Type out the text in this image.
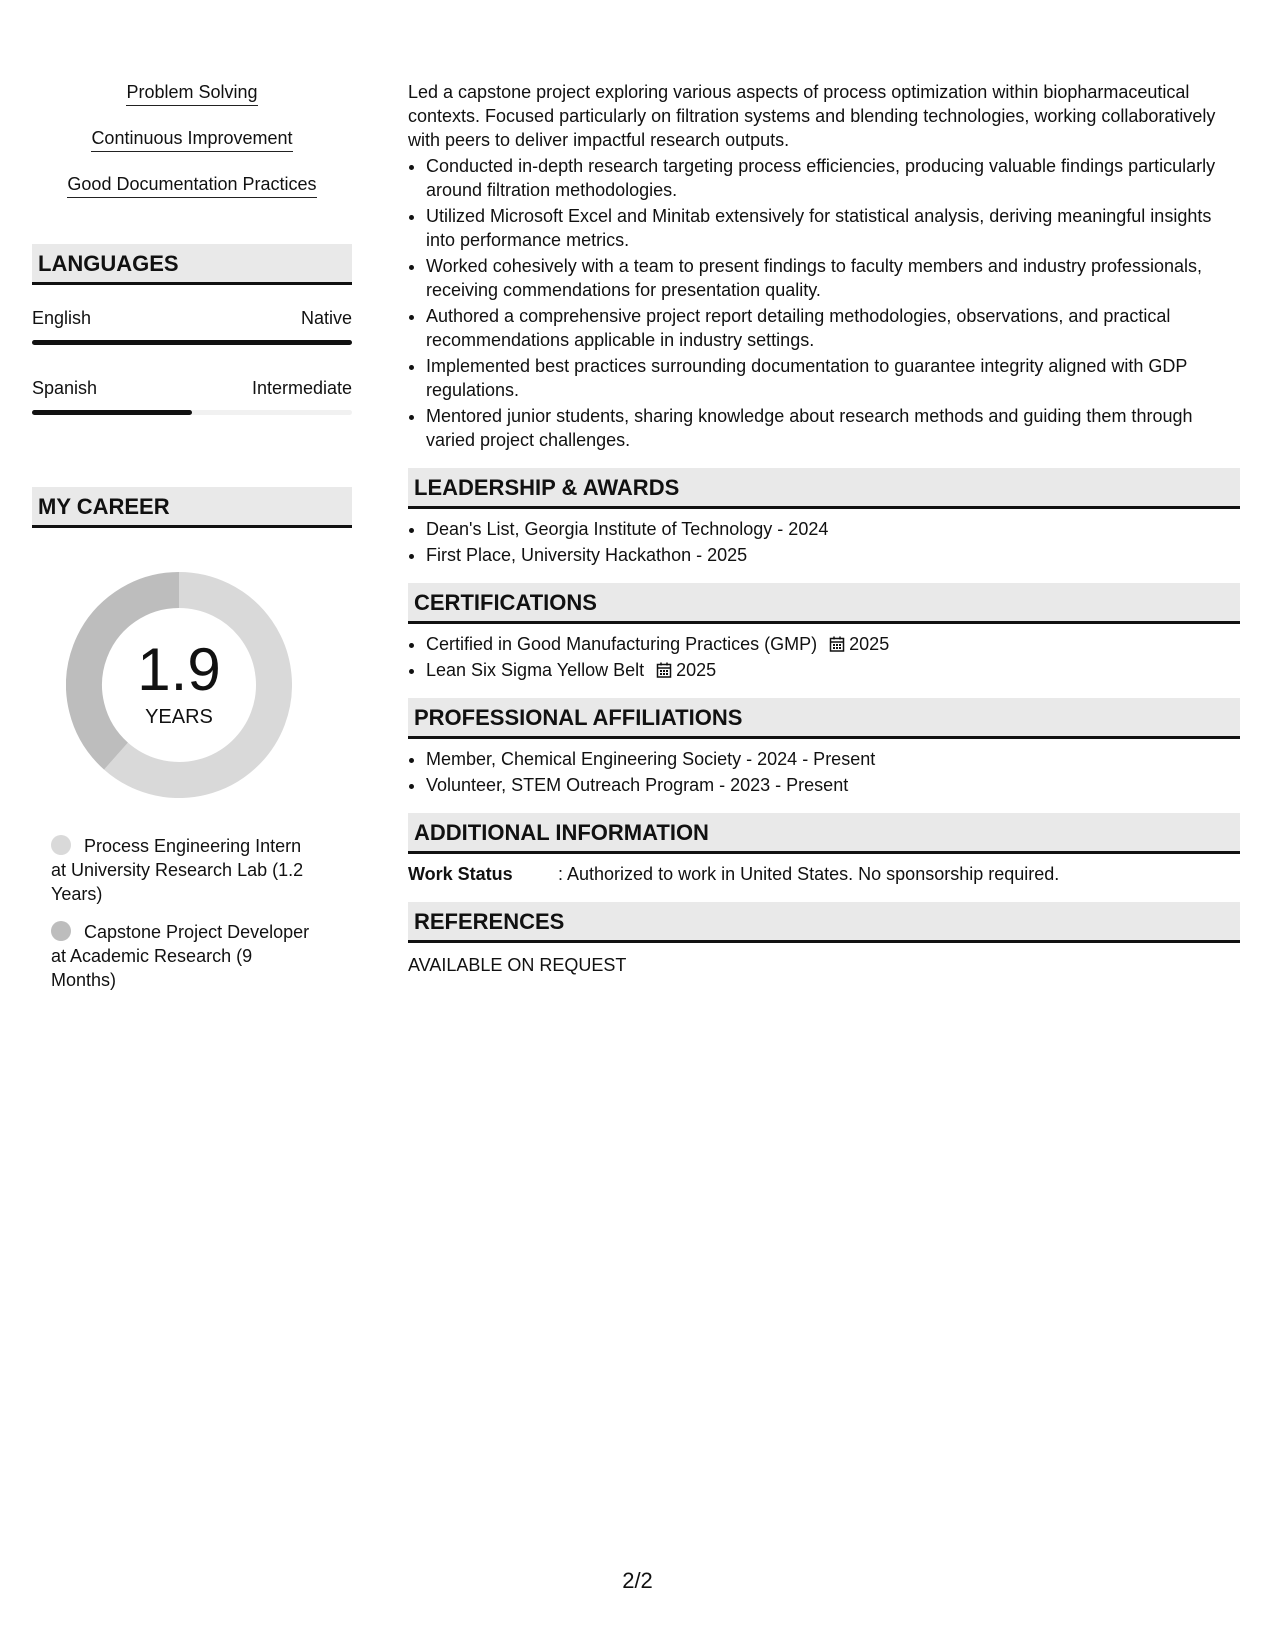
Problem Solving
Continuous Improvement
Good Documentation Practices
LANGUAGES
English	Native
Spanish	Intermediate
MY CAREER
1.9
YEARS
Process Engineering Intern at University Research Lab (1.2 Years)
Capstone Project Developer at Academic Research (9 Months)

Led a capstone project exploring various aspects of process optimization within biopharmaceutical contexts. Focused particularly on filtration systems and blending technologies, working collaboratively with peers to deliver impactful research outputs.

• Conducted in-depth research targeting process efficiencies, producing valuable findings particularly around filtration methodologies.
• Utilized Microsoft Excel and Minitab extensively for statistical analysis, deriving meaningful insights into performance metrics.
• Worked cohesively with a team to present findings to faculty members and industry professionals, receiving commendations for presentation quality.
• Authored a comprehensive project report detailing methodologies, observations, and practical recommendations applicable in industry settings.
• Implemented best practices surrounding documentation to guarantee integrity aligned with GDP regulations.
• Mentored junior students, sharing knowledge about research methods and guiding them through varied project challenges.
LEADERSHIP & AWARDS
• Dean's List, Georgia Institute of Technology - 2024
• First Place, University Hackathon - 2025
CERTIFICATIONS
• Certified in Good Manufacturing Practices (GMP) 2025
• Lean Six Sigma Yellow Belt 2025
PROFESSIONAL AFFILIATIONS
• Member, Chemical Engineering Society - 2024 - Present
• Volunteer, STEM Outreach Program - 2023 - Present
ADDITIONAL INFORMATION
Work Status	: Authorized to work in United States. No sponsorship required.
REFERENCES
AVAILABLE ON REQUEST
2/2
